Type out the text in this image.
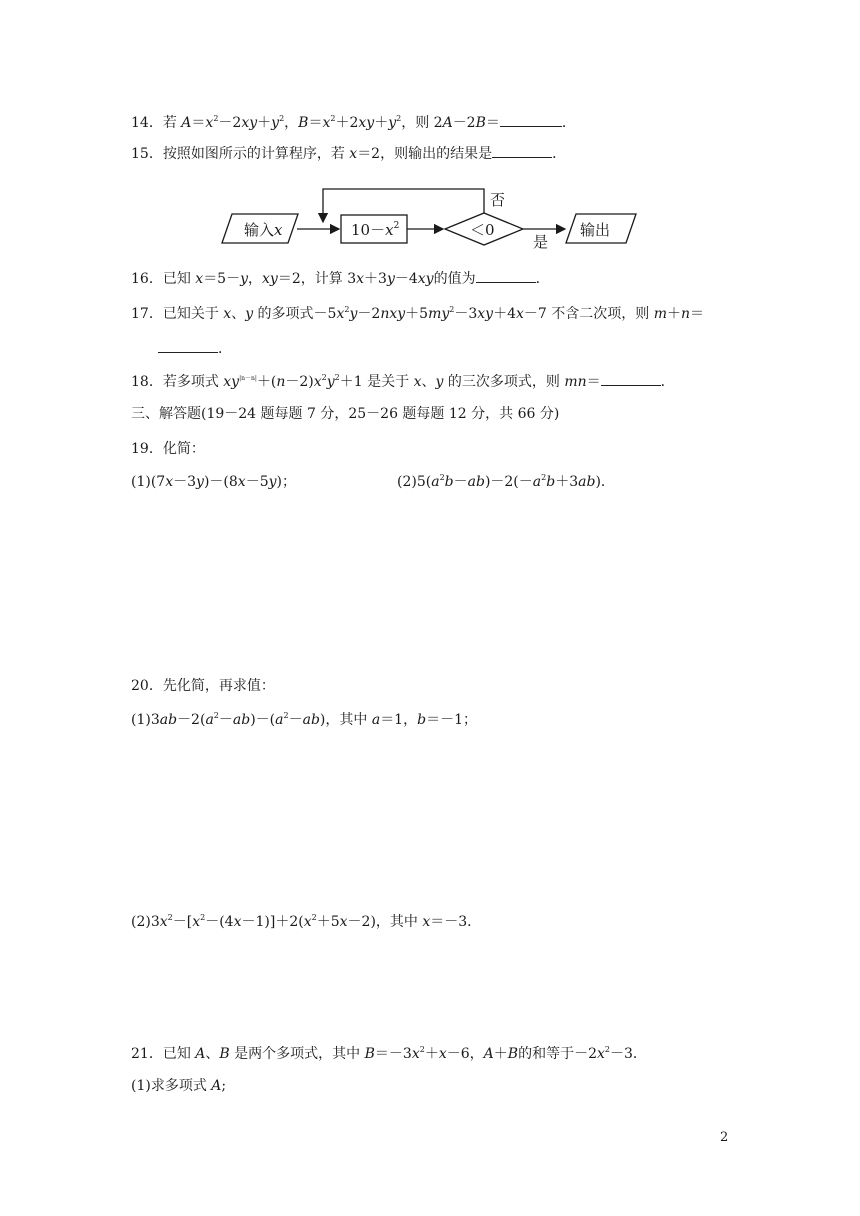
14．若 $A=x^2-2xy+y^2$，$B=x^2+2xy+y^2$，则 2A－2B＝	．
15．按照如图所示的计算程序，若 x＝2，则输出的结果是	．
输入x	$10-x^2$	＜0
否
是
输出
16．已知 x＝5－y，xy＝2，计算 3x＋3y－4xy的值为	．
17．已知关于 x、y 的多项式$-5x^2y-2nxy+5my^2-3xy+4x-7$ 不含二次项，则 m＋n＝
．
18．若多项式 $xy^{|n-n|}+(n-2)x^2y^2+1$ 是关于 x、y 的三次多项式，则 mn＝	．
三、解答题(19－24 题每题 7 分，25－26 题每题 12 分，共 66 分)
19．化简：
(1)(7x－3y)－(8x－5y)；	$(2)5(a^2b-ab)-2(-a^2b+3ab)$．
20．先化简，再求值：
$(1)3ab-2(a^2-ab)-(a^2-ab)$，其中 a＝1，b＝－1；
$(2)3x^2-[x^2-(4x-1)]+2(x^2+5x-2)$，其中 x＝－3．
21．已知 A、B 是两个多项式，其中 $B=-3x^2+x-6$，A＋B的和等于$-2x^2-3$．
(1)求多项式 A;
2
